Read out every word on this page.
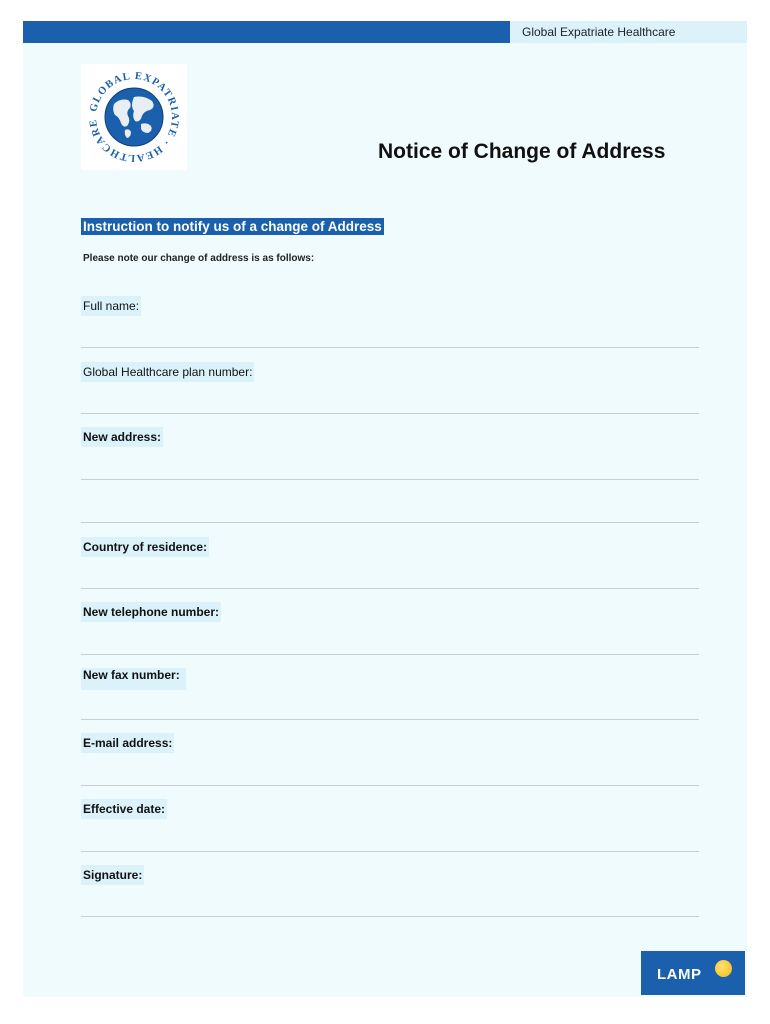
Global Expatriate Healthcare
GLOBAL EXPATRIATE · HEALTHCARE
Notice of Change of Address
Instruction to notify us of a change of Address
Please note our change of address is as follows:
Full name:
Global Healthcare plan number:
New address:
Country of residence:
New telephone number:
New fax number:
E-mail address:
Effective date:
Signature:
LAMP
